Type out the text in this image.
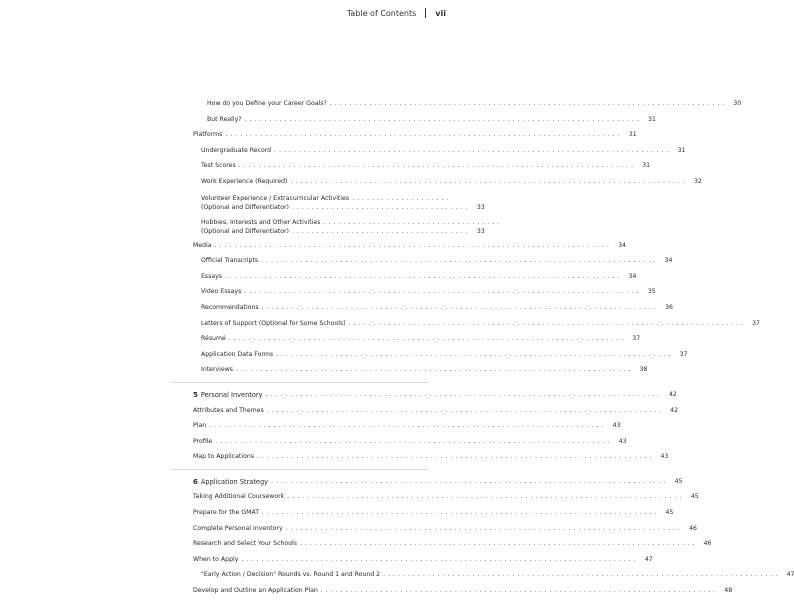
Table of Contents vii
How do you Define your Career Goals? ................................................................................ 30
But Really? ................................................................................ 31
Platforms ................................................................................ 31
Undergraduate Record ................................................................................ 31
Test Scores ................................................................................ 31
Work Experience (Required) ................................................................................ 32
Volunteer Experience / Extracurricular Activities ....................
(Optional and Differentiator) .................................... 33
Hobbies, Interests and Other Activities ....................................
(Optional and Differentiator) .................................... 33
Media ................................................................................ 34
Official Transcripts ................................................................................ 34
Essays ................................................................................ 34
Video Essays ................................................................................ 35
Recommendations ................................................................................ 36
Letters of Support (Optional for Some Schools) ................................................................................ 37
Résumé ................................................................................ 37
Application Data Forms ................................................................................ 37
Interviews ................................................................................ 38
5 Personal Inventory ................................................................................ 42
Attributes and Themes ................................................................................ 42
Plan ................................................................................ 43
Profile ................................................................................ 43
Map to Applications ................................................................................ 43
6 Application Strategy ................................................................................ 45
Taking Additional Coursework ................................................................................ 45
Prepare for the GMAT ................................................................................ 45
Complete Personal Inventory ................................................................................ 46
Research and Select Your Schools ................................................................................ 46
When to Apply ................................................................................ 47
"Early Action / Decision" Rounds vs. Round 1 and Round 2 ................................................................................ 47
Develop and Outline an Application Plan ................................................................................ 48
